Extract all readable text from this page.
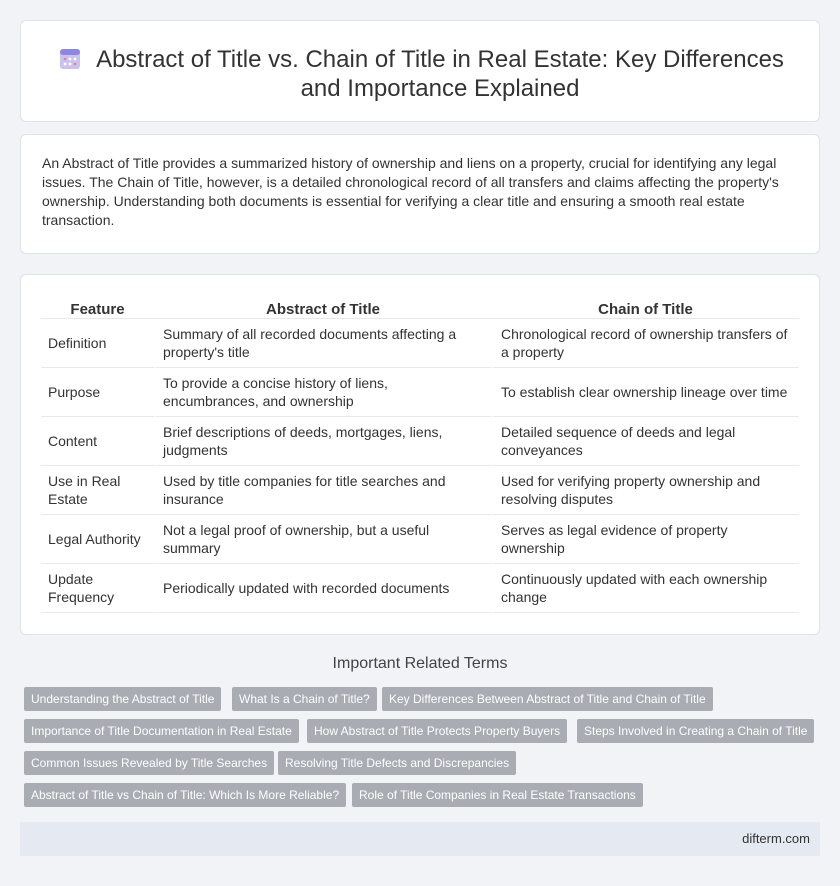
Abstract of Title vs. Chain of Title in Real Estate: Key Differences and Importance Explained

An Abstract of Title provides a summarized history of ownership and liens on a property, crucial for identifying any legal issues. The Chain of Title, however, is a detailed chronological record of all transfers and claims affecting the property's ownership. Understanding both documents is essential for verifying a clear title and ensuring a smooth real estate transaction.

Feature	Abstract of Title	Chain of Title
Definition	Summary of all recorded documents affecting a property's title	Chronological record of ownership transfers of a property
Purpose	To provide a concise history of liens, encumbrances, and ownership	To establish clear ownership lineage over time
Content	Brief descriptions of deeds, mortgages, liens, judgments	Detailed sequence of deeds and legal conveyances
Use in Real Estate	Used by title companies for title searches and insurance	Used for verifying property ownership and resolving disputes
Legal Authority	Not a legal proof of ownership, but a useful summary	Serves as legal evidence of property ownership
Update Frequency	Periodically updated with recorded documents	Continuously updated with each ownership change
Important Related Terms
Understanding the Abstract of Title	What Is a Chain of Title?	Key Differences Between Abstract of Title and Chain of Title
Importance of Title Documentation in Real Estate	How Abstract of Title Protects Property Buyers	Steps Involved in Creating a Chain of Title
Common Issues Revealed by Title Searches	Resolving Title Defects and Discrepancies
Abstract of Title vs Chain of Title: Which Is More Reliable?	Role of Title Companies in Real Estate Transactions
difterm.com
